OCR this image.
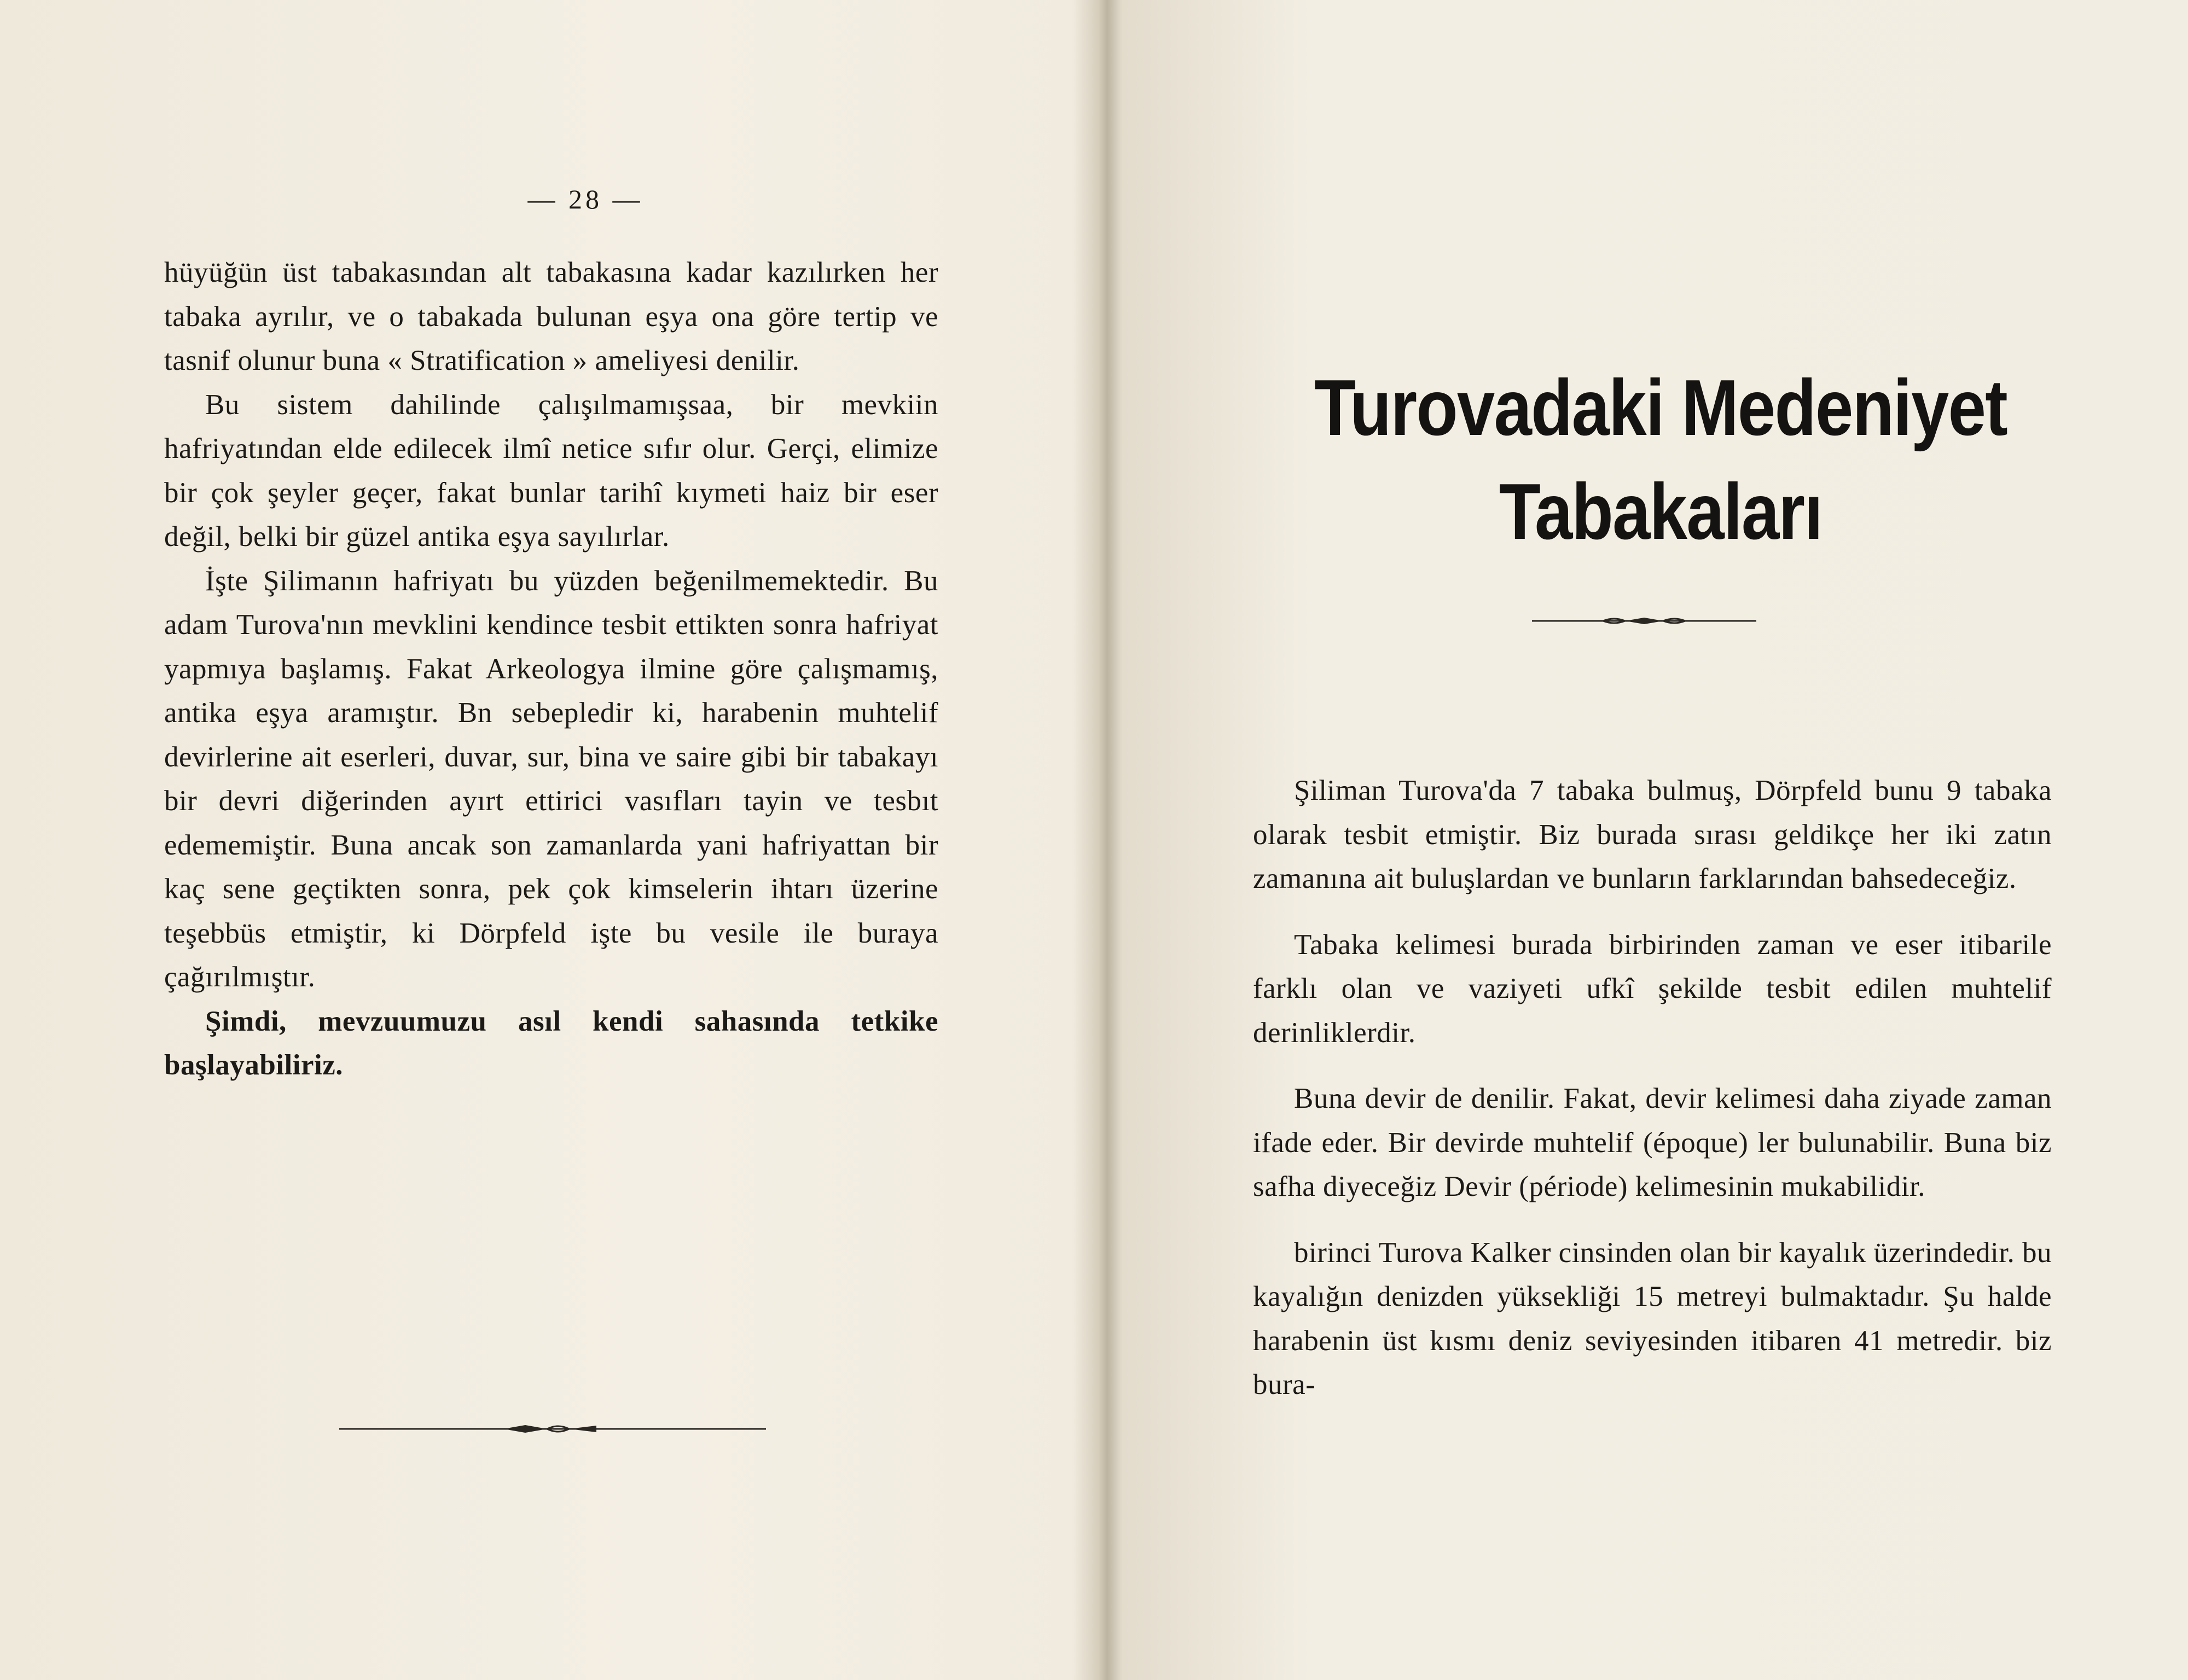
— 28 —

hüyüğün üst tabakasından alt tabakasına kadar kazılırken her tabaka ayrılır, ve o tabakada bulunan eşya ona göre tertip ve tasnif olunur buna « Stratification » ameliyesi denilir.

Bu sistem dahilinde çalışılmamışsaa, bir mevkiin hafriyatından elde edilecek ilmî netice sıfır olur. Gerçi, elimize bir çok şeyler geçer, fakat bunlar tarihî kıymeti haiz bir eser değil, belki bir güzel antika eşya sayılırlar.

İşte Şilimanın hafriyatı bu yüzden beğenilmemektedir. Bu adam Turova'nın mevklini kendince tesbit ettikten sonra hafriyat yapmıya başlamış. Fakat Arkeologya ilmine göre çalışmamış, antika eşya aramıştır. Bn sebepledir ki, harabenin muhtelif devirlerine ait eserleri, duvar, sur, bina ve saire gibi bir tabakayı bir devri diğerinden ayırt ettirici vasıfları tayin ve tesbıt edememiştir. Buna ancak son zamanlarda yani hafriyattan bir kaç sene geçtikten sonra, pek çok kimselerin ihtarı üzerine teşebbüs etmiştir, ki Dörpfeld işte bu vesile ile buraya çağırılmıştır.

Şimdi, mevzuumuzu asıl kendi sahasında tetkike başlayabiliriz.

Turovadaki Medeniyet
Tabakaları

Şiliman Turova'da 7 tabaka bulmuş, Dörpfeld bunu 9 tabaka olarak tesbit etmiştir. Biz burada sırası geldikçe her iki zatın zamanına ait buluşlardan ve bunların farklarından bahsedeceğiz.

Tabaka kelimesi burada birbirinden zaman ve eser itibarile farklı olan ve vaziyeti ufkî şekilde tesbit edilen muhtelif derinliklerdir.

Buna devir de denilir. Fakat, devir kelimesi daha ziyade zaman ifade eder. Bir devirde muhtelif (époque) ler bulunabilir. Buna biz safha diyeceğiz Devir (période) kelimesinin mukabilidir.

birinci Turova Kalker cinsinden olan bir kayalık üzerindedir. bu kayalığın denizden yüksekliği 15 metreyi bulmaktadır. Şu halde harabenin üst kısmı deniz seviyesinden itibaren 41 metredir. biz bura-
